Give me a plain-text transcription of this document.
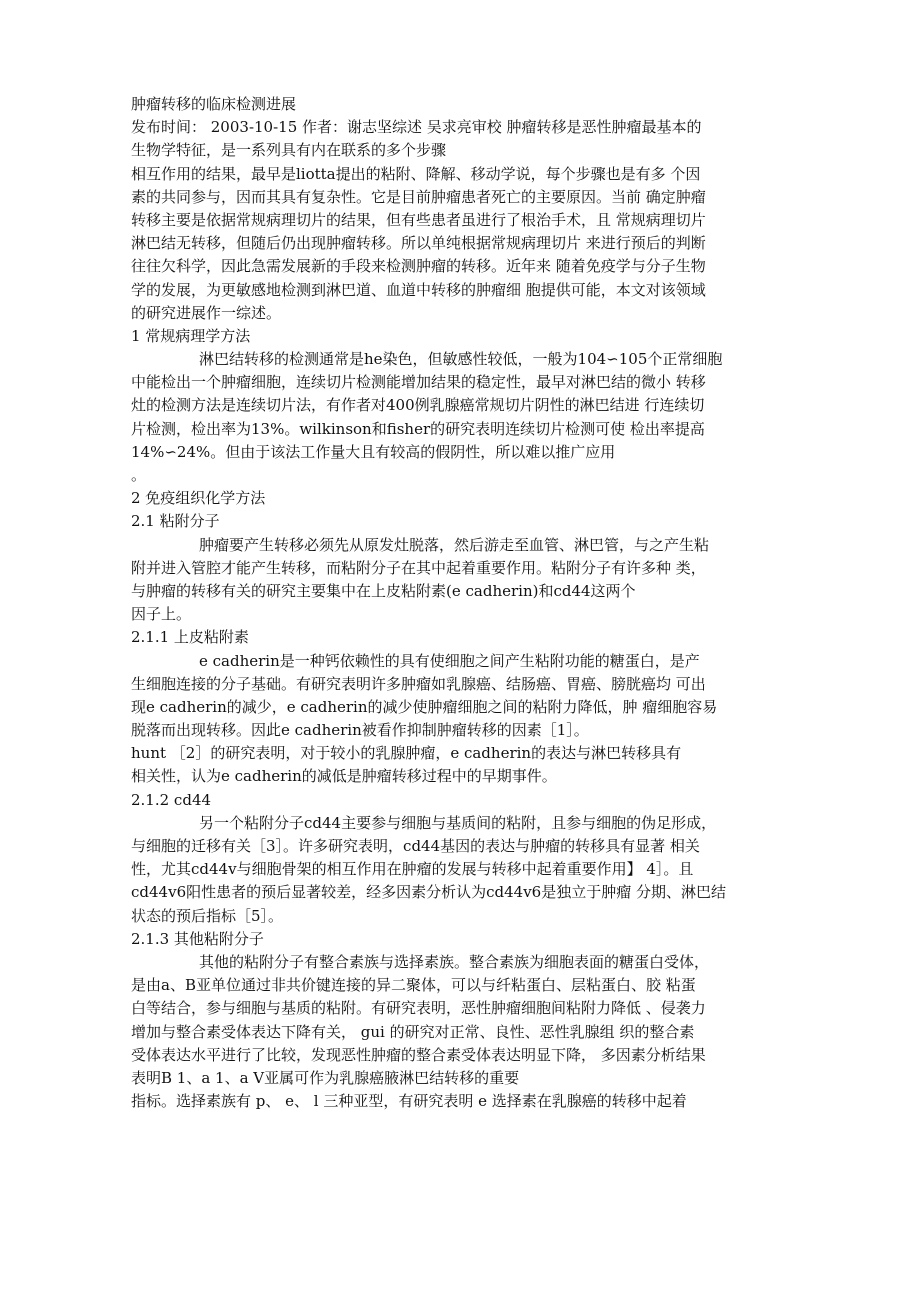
肿瘤转移的临床检测进展
发布时间： 2003-10-15 作者：谢志坚综述 吴求亮审校 肿瘤转移是恶性肿瘤最基本的
生物学特征，是一系列具有内在联系的多个步骤
相互作用的结果，最早是liotta提出的粘附、降解、移动学说，每个步骤也是有多 个因
素的共同参与，因而其具有复杂性。它是目前肿瘤患者死亡的主要原因。当前 确定肿瘤
转移主要是依据常规病理切片的结果，但有些患者虽进行了根治手术，且 常规病理切片
淋巴结无转移，但随后仍出现肿瘤转移。所以单纯根据常规病理切片 来进行预后的判断
往往欠科学，因此急需发展新的手段来检测肿瘤的转移。近年来 随着免疫学与分子生物
学的发展，为更敏感地检测到淋巴道、血道中转移的肿瘤细 胞提供可能，本文对该领域
的研究进展作一综述。
1 常规病理学方法
淋巴结转移的检测通常是he染色，但敏感性较低，一般为104∽105个正常细胞
中能检出一个肿瘤细胞，连续切片检测能增加结果的稳定性，最早对淋巴结的微小 转移
灶的检测方法是连续切片法，有作者对400例乳腺癌常规切片阴性的淋巴结进 行连续切
片检测，检出率为13%。wilkinson和fisher的研究表明连续切片检测可使 检出率提高
14%∽24%。但由于该法工作量大且有较高的假阴性，所以难以推广应用
。
2 免疫组织化学方法
2.1 粘附分子
肿瘤要产生转移必须先从原发灶脱落，然后游走至血管、淋巴管，与之产生粘
附并进入管腔才能产生转移，而粘附分子在其中起着重要作用。粘附分子有许多种 类，
与肿瘤的转移有关的研究主要集中在上皮粘附素(e cadherin)和cd44这两个
因子上。
2.1.1 上皮粘附素
e cadherin是一种钙依赖性的具有使细胞之间产生粘附功能的糖蛋白，是产
生细胞连接的分子基础。有研究表明许多肿瘤如乳腺癌、结肠癌、胃癌、膀胱癌均 可出
现e cadherin的减少，e cadherin的减少使肿瘤细胞之间的粘附力降低，肿 瘤细胞容易
脱落而出现转移。因此e cadherin被看作抑制肿瘤转移的因素［1］。
hunt ［2］的研究表明，对于较小的乳腺肿瘤，e cadherin的表达与淋巴转移具有
相关性，认为e cadherin的减低是肿瘤转移过程中的早期事件。
2.1.2 cd44
另一个粘附分子cd44主要参与细胞与基质间的粘附，且参与细胞的伪足形成，
与细胞的迁移有关［3］。许多研究表明，cd44基因的表达与肿瘤的转移具有显著 相关
性，尤其cd44v与细胞骨架的相互作用在肿瘤的发展与转移中起着重要作用】 4］。且
cd44v6阳性患者的预后显著较差，经多因素分析认为cd44v6是独立于肿瘤 分期、淋巴结
状态的预后指标［5］。
2.1.3 其他粘附分子
其他的粘附分子有整合素族与选择素族。整合素族为细胞表面的糖蛋白受体，
是由a、B亚单位通过非共价键连接的异二聚体，可以与纤粘蛋白、层粘蛋白、胶 粘蛋
白等结合，参与细胞与基质的粘附。有研究表明，恶性肿瘤细胞间粘附力降低 、侵袭力
增加与整合素受体表达下降有关， gui 的研究对正常、良性、恶性乳腺组 织的整合素
受体表达水平进行了比较，发现恶性肿瘤的整合素受体表达明显下降， 多因素分析结果
表明B 1、a 1、a V亚属可作为乳腺癌腋淋巴结转移的重要
指标。选择素族有 p、 e、 l 三种亚型，有研究表明 e 选择素在乳腺癌的转移中起着
